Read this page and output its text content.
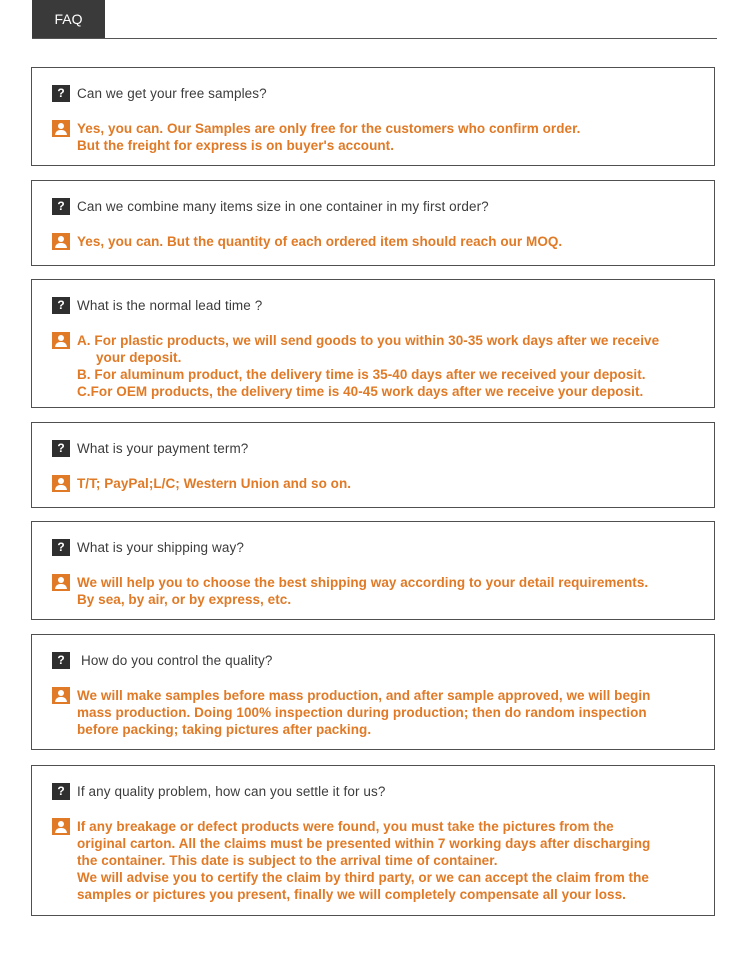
FAQ
? Can we get your free samples?
Yes, you can. Our Samples are only free for the customers who confirm order.
But the freight for express is on buyer's account.
? Can we combine many items size in one container in my first order?
Yes, you can. But the quantity of each ordered item should reach our MOQ.
? What is the normal lead time ?
A. For plastic products, we will send goods to you within 30-35 work days after we receive
your deposit.
B. For aluminum product, the delivery time is 35-40 days after we received your deposit.
C.For OEM products, the delivery time is 40-45 work days after we receive your deposit.
? What is your payment term?
T/T; PayPal;L/C; Western Union and so on.
? What is your shipping way?
We will help you to choose the best shipping way according to your detail requirements.
By sea, by air, or by express, etc.
?	How do you control the quality?
We will make samples before mass production, and after sample approved, we will begin
mass production. Doing 100% inspection during production; then do random inspection
before packing; taking pictures after packing.
? If any quality problem, how can you settle it for us?
If any breakage or defect products were found, you must take the pictures from the
original carton. All the claims must be presented within 7 working days after discharging
the container. This date is subject to the arrival time of container.
We will advise you to certify the claim by third party, or we can accept the claim from the
samples or pictures you present, finally we will completely compensate all your loss.
